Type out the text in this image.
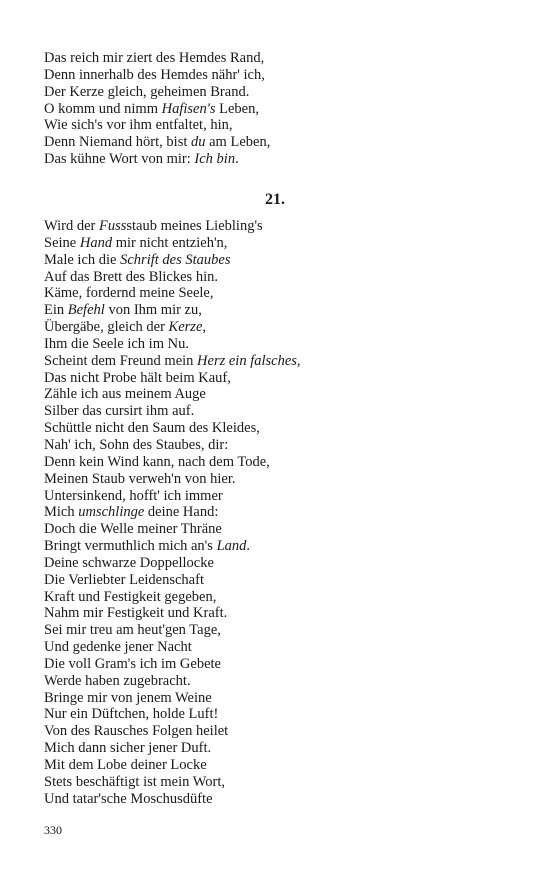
Das reich mir ziert des Hemdes Rand,
Denn innerhalb des Hemdes nähr' ich,
Der Kerze gleich, geheimen Brand.
O komm und nimm Hafisen's Leben,
Wie sich's vor ihm entfaltet, hin,
Denn Niemand hört, bist du am Leben,
Das kühne Wort von mir: Ich bin.
21.
Wird der Fussstaub meines Liebling's
Seine Hand mir nicht entzieh'n,
Male ich die Schrift des Staubes
Auf das Brett des Blickes hin.
Käme, fordernd meine Seele,
Ein Befehl von Ihm mir zu,
Übergäbe, gleich der Kerze,
Ihm die Seele ich im Nu.
Scheint dem Freund mein Herz ein falsches,
Das nicht Probe hält beim Kauf,
Zähle ich aus meinem Auge
Silber das cursirt ihm auf.
Schüttle nicht den Saum des Kleides,
Nah' ich, Sohn des Staubes, dir:
Denn kein Wind kann, nach dem Tode,
Meinen Staub verweh'n von hier.
Untersinkend, hofft' ich immer
Mich umschlinge deine Hand:
Doch die Welle meiner Thräne
Bringt vermuthlich mich an's Land.
Deine schwarze Doppellocke
Die Verliebter Leidenschaft
Kraft und Festigkeit gegeben,
Nahm mir Festigkeit und Kraft.
Sei mir treu am heut'gen Tage,
Und gedenke jener Nacht
Die voll Gram's ich im Gebete
Werde haben zugebracht.
Bringe mir von jenem Weine
Nur ein Düftchen, holde Luft!
Von des Rausches Folgen heilet
Mich dann sicher jener Duft.
Mit dem Lobe deiner Locke
Stets beschäftigt ist mein Wort,
Und tatar'sche Moschusdüfte
330
